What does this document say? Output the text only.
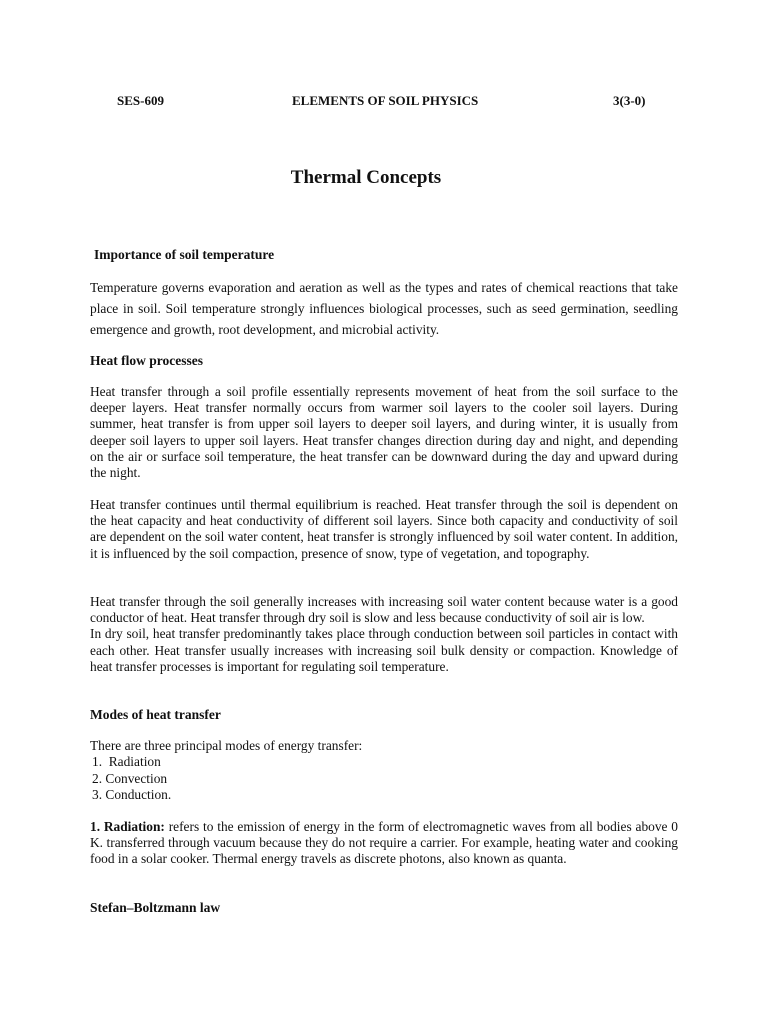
SES-609	ELEMENTS OF SOIL PHYSICS	3(3-0)
Thermal Concepts
Importance of soil temperature

Temperature governs evaporation and aeration as well as the types and rates of chemical reactions that take place in soil. Soil temperature strongly influences biological processes, such as seed germination, seedling emergence and growth, root development, and microbial activity.

Heat flow processes

Heat transfer through a soil profile essentially represents movement of heat from the soil surface to the deeper layers. Heat transfer normally occurs from warmer soil layers to the cooler soil layers. During summer, heat transfer is from upper soil layers to deeper soil layers, and during winter, it is usually from deeper soil layers to upper soil layers. Heat transfer changes direction during day and night, and depending on the air or surface soil temperature, the heat transfer can be downward during the day and upward during the night.

Heat transfer continues until thermal equilibrium is reached. Heat transfer through the soil is dependent on the heat capacity and heat conductivity of different soil layers. Since both capacity and conductivity of soil are dependent on the soil water content, heat transfer is strongly influenced by soil water content. In addition, it is influenced by the soil compaction, presence of snow, type of vegetation, and topography.

Heat transfer through the soil generally increases with increasing soil water content because water is a good conductor of heat. Heat transfer through dry soil is slow and less because conductivity of soil air is low.

In dry soil, heat transfer predominantly takes place through conduction between soil particles in contact with each other. Heat transfer usually increases with increasing soil bulk density or compaction. Knowledge of heat transfer processes is important for regulating soil temperature.

Modes of heat transfer

There are three principal modes of energy transfer:

1.  Radiation
2. Convection
3. Conduction.

1. Radiation: refers to the emission of energy in the form of electromagnetic waves from all bodies above 0 K. transferred through vacuum because they do not require a carrier. For example, heating water and cooking food in a solar cooker. Thermal energy travels as discrete photons, also known as quanta.

Stefan–Boltzmann law
